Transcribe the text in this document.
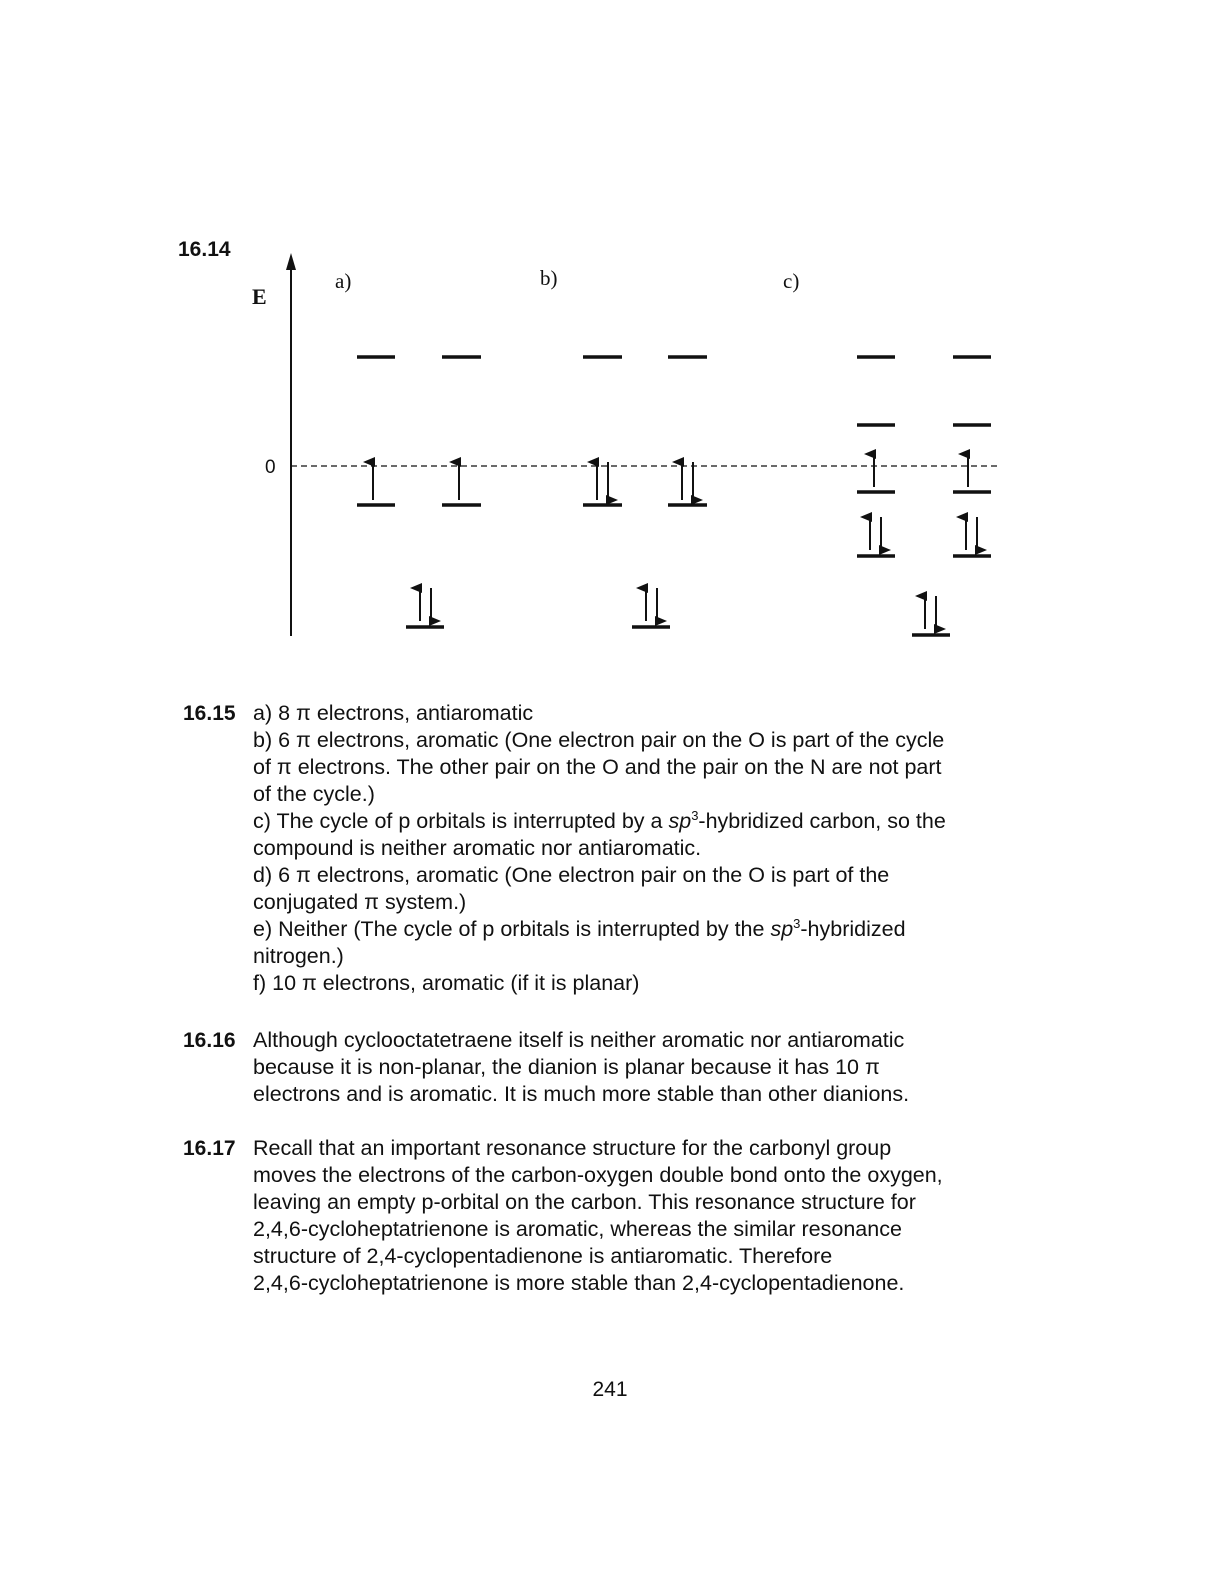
16.14
E
0
a)	b)	c)
16.15 a) 8 π electrons, antiaromatic
b) 6 π electrons, aromatic (One electron pair on the O is part of the cycle
of π electrons. The other pair on the O and the pair on the N are not part
of the cycle.)
c) The cycle of p orbitals is interrupted by a $sp^3$-hybridized carbon, so the
compound is neither aromatic nor antiaromatic.
d) 6 π electrons, aromatic (One electron pair on the O is part of the
conjugated π system.)
e) Neither (The cycle of p orbitals is interrupted by the $sp^3$-hybridized
nitrogen.)
f) 10 π electrons, aromatic (if it is planar)
16.16 Although cyclooctatetraene itself is neither aromatic nor antiaromatic
because it is non-planar, the dianion is planar because it has 10 π
electrons and is aromatic. It is much more stable than other dianions.
16.17 Recall that an important resonance structure for the carbonyl group
moves the electrons of the carbon-oxygen double bond onto the oxygen,
leaving an empty p-orbital on the carbon. This resonance structure for
2,4,6-cycloheptatrienone is aromatic, whereas the similar resonance
structure of 2,4-cyclopentadienone is antiaromatic. Therefore
2,4,6-cycloheptatrienone is more stable than 2,4-cyclopentadienone.
241
